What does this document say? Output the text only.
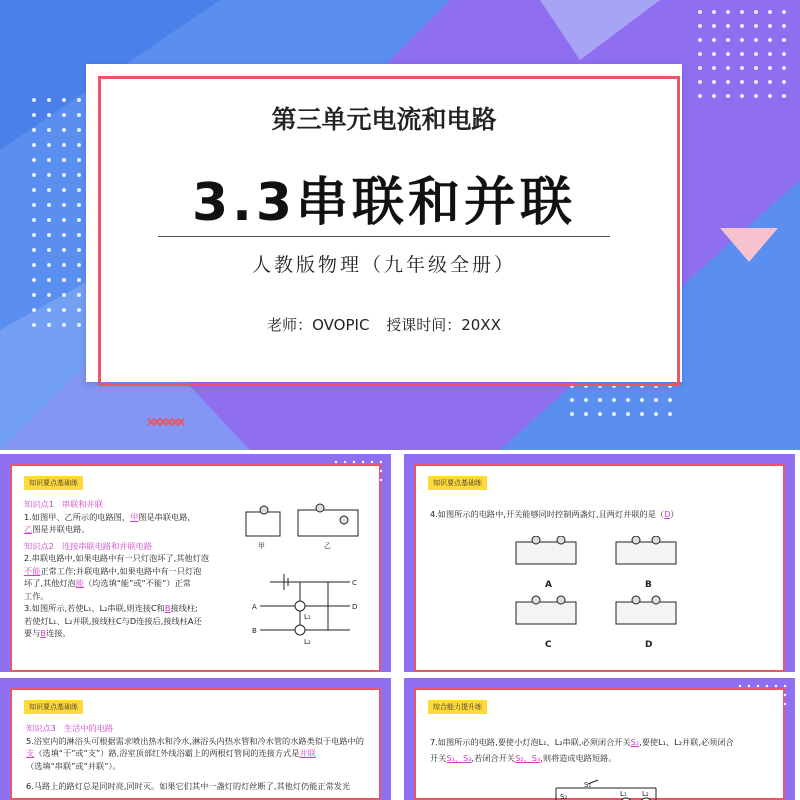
第三单元电流和电路
3.3串联和并联
人教版物理（九年级全册）
老师：OVOPIC 授课时间：20XX
知识要点基础练
知识点1　串联和并联
1.如图甲、乙所示的电路图，甲图是串联电路，
乙图是并联电路。
知识点2　连接串联电路和并联电路
2.串联电路中,如果电路中有一只灯泡坏了,其他灯泡
不能正常工作;并联电路中,如果电路中有一只灯泡
坏了,其他灯泡能（均选填“能”或“不能”）正常
工作。
3.如图所示,若使L₁、L₂串联,则连接C和B接线柱;
若使灯L₁、L₂并联,接线柱C与D连接后,接线柱A还
要与B连接。
甲	乙
C
D
A
B
L₁
L₂
知识要点基础练
4.如图所示的电路中,开关能够同时控制两盏灯,且两灯并联的是（D）
A	B
C	D
知识要点基础练
知识点3　生活中的电路
5.浴室内的淋浴头可根据需求喷出热水和冷水,淋浴头内热水管和冷水管的水路类似于电路中的
支（选填“干”或“支”）路,浴室顶部红外线浴霸上的两根灯管间的连接方式是并联
（选填“串联”或“并联”）。
6.马路上的路灯总是同时亮,同时灭。如果它们其中一盏灯的灯丝断了,其他灯仍能正常发光
综合能力提升练
7.如图所示的电路,要使小灯泡L₁、L₂串联,必须闭合开关S₂,要使L₁、L₂并联,必须闭合
开关S₁、S₃,若闭合开关S₂、S₃,则将造成电路短路。
S₁
S₂	L₁ L₂
